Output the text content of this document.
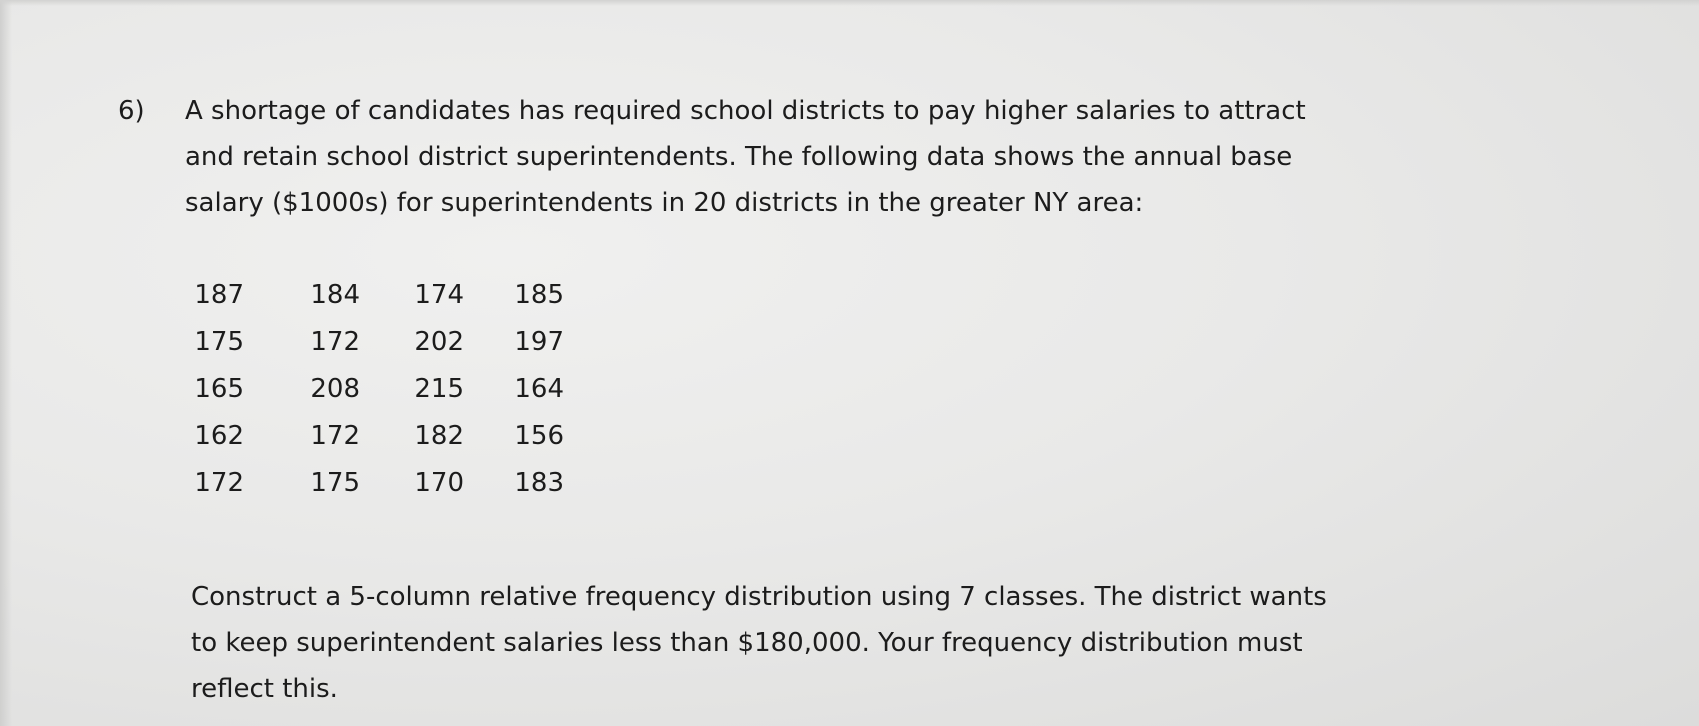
6) A shortage of candidates has required school districts to pay higher salaries to attract
and retain school district superintendents. The following data shows the annual base
salary ($1000s) for superintendents in 20 districts in the greater NY area:
187	184	174	185
175	172	202	197
165	208	215	164
162	172	182	156
172	175	170	183
Construct a 5-column relative frequency distribution using 7 classes. The district wants
to keep superintendent salaries less than $180,000. Your frequency distribution must
reflect this.
